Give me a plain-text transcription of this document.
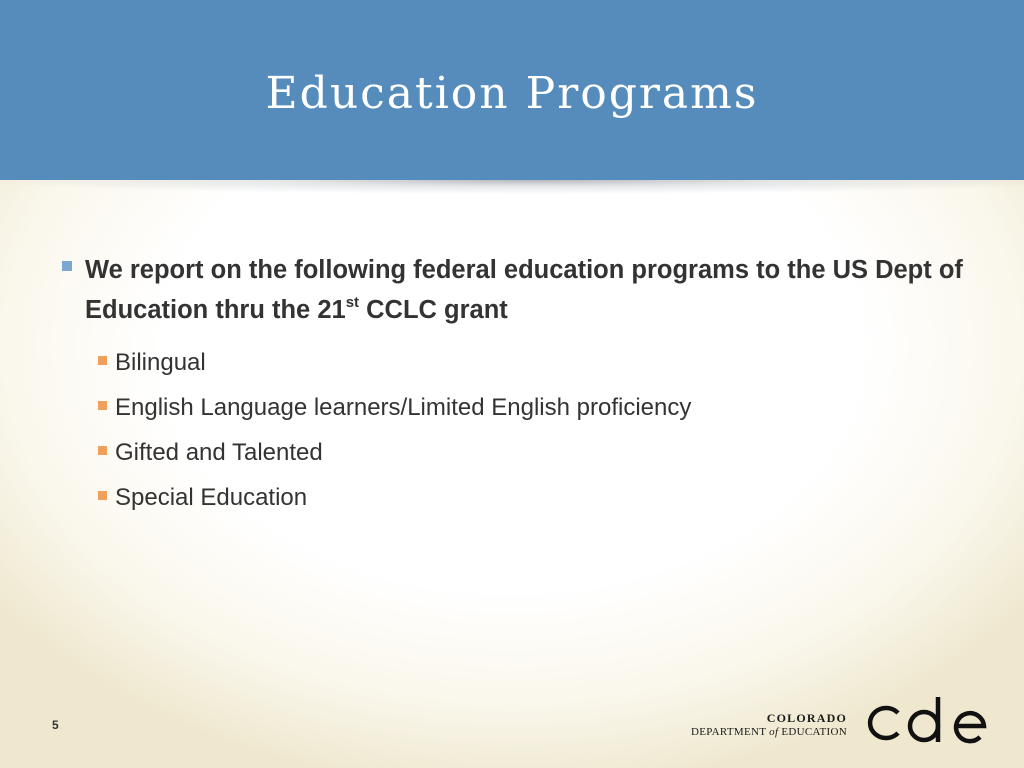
Education Programs
We report on the following federal education programs to the US Dept of Education thru the 21st CCLC grant
Bilingual
English Language learners/Limited English proficiency
Gifted and Talented
Special Education
5	COLORADO
DEPARTMENT of EDUCATION
